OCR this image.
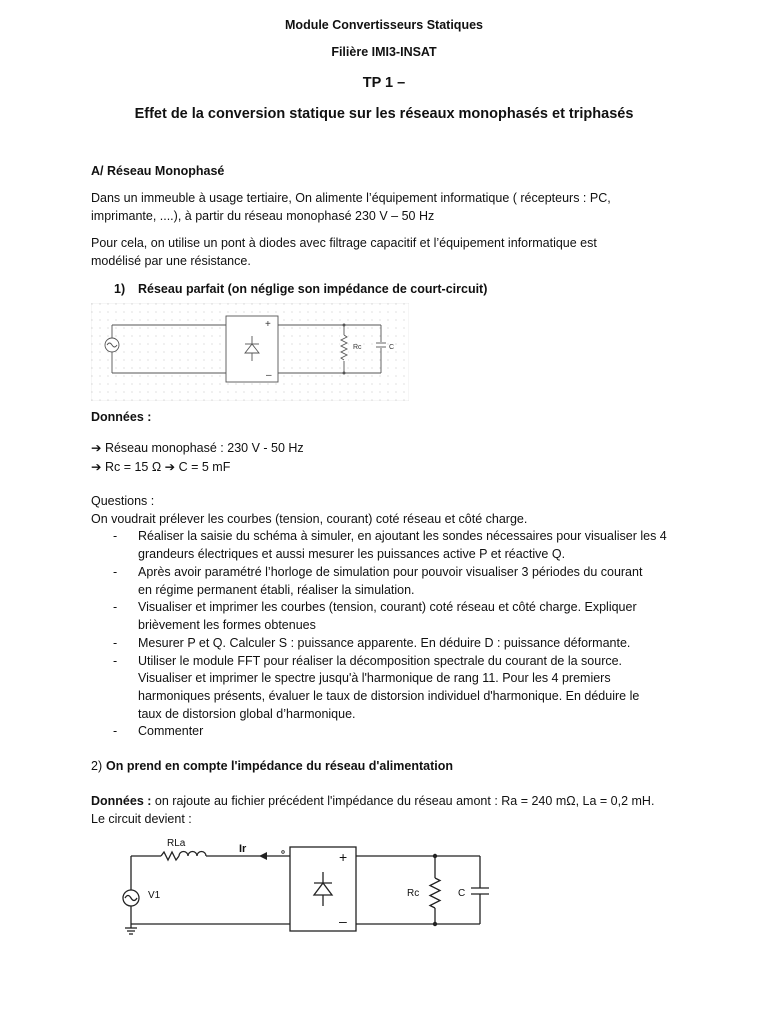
Module Convertisseurs Statiques
Filière IMI3-INSAT
TP 1 –
Effet de la conversion statique sur les réseaux monophasés et triphasés
A/ Réseau Monophasé
Dans un immeuble à usage tertiaire, On alimente l’équipement informatique ( récepteurs : PC,
imprimante, ....), à partir du réseau monophasé 230 V – 50 Hz
Pour cela, on utilise un pont à diodes avec filtrage capacitif et l’équipement informatique est
modélisé par une résistance.
1) Réseau parfait (on néglige son impédance de court-circuit)
+
–
Rc	C
Données :
➔ Réseau monophasé : 230 V - 50 Hz
➔ Rc = 15 Ω ➔ C = 5 mF
Questions :
On voudrait prélever les courbes (tension, courant) coté réseau et côté charge.
- Réaliser la saisie du schéma à simuler, en ajoutant les sondes nécessaires pour visualiser les 4
grandeurs électriques et aussi mesurer les puissances active P et réactive Q.
- Après avoir paramétré l’horloge de simulation pour pouvoir visualiser 3 périodes du courant
en régime permanent établi, réaliser la simulation.
- Visualiser et imprimer les courbes (tension, courant) coté réseau et côté charge. Expliquer
brièvement les formes obtenues
- Mesurer P et Q. Calculer S : puissance apparente. En déduire D : puissance déformante.
- Utiliser le module FFT pour réaliser la décomposition spectrale du courant de la source.
Visualiser et imprimer le spectre jusqu'à l'harmonique de rang 11. Pour les 4 premiers
harmoniques présents, évaluer le taux de distorsion individuel d'harmonique. En déduire le
taux de distorsion global d’harmonique.
- Commenter
2) On prend en compte l'impédance du réseau d'alimentation
Données : on rajoute au fichier précédent l'impédance du réseau amont : Ra = 240 mΩ, La = 0,2 mH.
Le circuit devient :
RLa	Ir
V1
+
–
Rc	C
